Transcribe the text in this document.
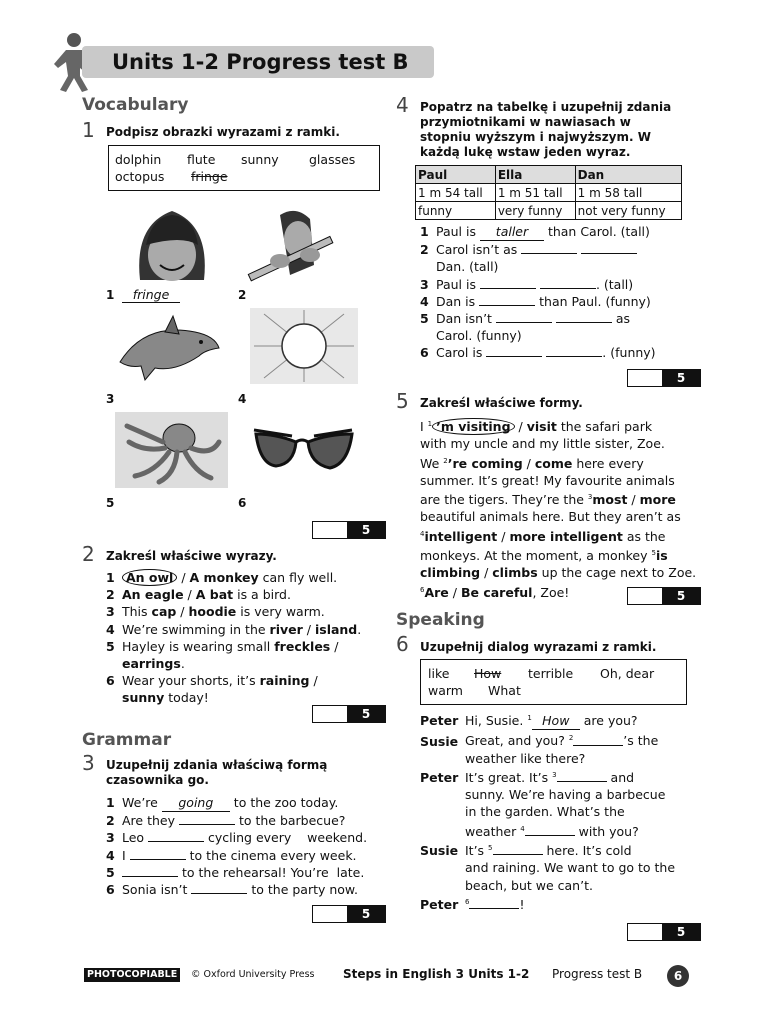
Units 1-2 Progress test B
Vocabulary
1 Podpisz obrazki wyrazami z ramki.
dolphin flute sunny glasses
octopus fringe
1	fringe	2
3	4
5	6
5
2 Zakreśl właściwe wyrazy.
1 An owl / A monkey can fly well.
2 An eagle / A bat is a bird.
3 This cap / hoodie is very warm.
4 We’re swimming in the river / island.
5 Hayley is wearing small freckles /
earrings.
6 Wear your shorts, it’s raining /
sunny today!
5
Grammar
3 Uzupełnij zdania właściwą formą
czasownika go.
1 We’re going to the zoo today.
2 Are they	to the barbecue?
3 Leo	cycling every    weekend.
4 I	to the cinema every week.
5	to the rehearsal! You’re  late.
6 Sonia isn’t	to the party now.
5
4 Popatrz na tabelkę i uzupełnij zdania
przymiotnikami w nawiasach w
stopniu wyższym i najwyższym. W
każdą lukę wstaw jeden wyraz.
Paul	Ella	Dan
1 m 54 tall	1 m 51 tall	1 m 58 tall
funny	very funny	not very funny
1 Paul is taller than Carol. (tall)
2 Carol isn’t as
Dan. (tall)
3 Paul is	. (tall)
4 Dan is	than Paul. (funny)
5 Dan isn’t	as
Carol. (funny)
6 Carol is	. (funny)
5
5 Zakreśl właściwe formy.
I $^1$ ’m visiting / visit the safari park
with my uncle and my little sister, Zoe.
We $^2$’re coming / come here every
summer. It’s great! My favourite animals
are the tigers. They’re the $^3$most / more
beautiful animals here. But they aren’t as
$^4$intelligent / more intelligent as the
monkeys. At the moment, a monkey $^5$is
climbing / climbs up the cage next to Zoe.
$^6$Are / Be careful, Zoe!	5
Speaking
6 Uzupełnij dialog wyrazami z ramki.
like How terrible Oh, dear
warm What
Peter Hi, Susie. $^1$ How are you?
Susie Great, and you? $^2$	’s the
weather like there?
Peter It’s great. It’s $^3$	and
sunny. We’re having a barbecue
in the garden. What’s the
weather $^4$	with you?
Susie It’s $^5$	here. It’s cold
and raining. We want to go to the
beach, but we can’t.
Peter $^6$	!
5
PHOTOCOPIABLE	© Oxford University Press Steps in English 3 Units 1-2 Progress test B	6
